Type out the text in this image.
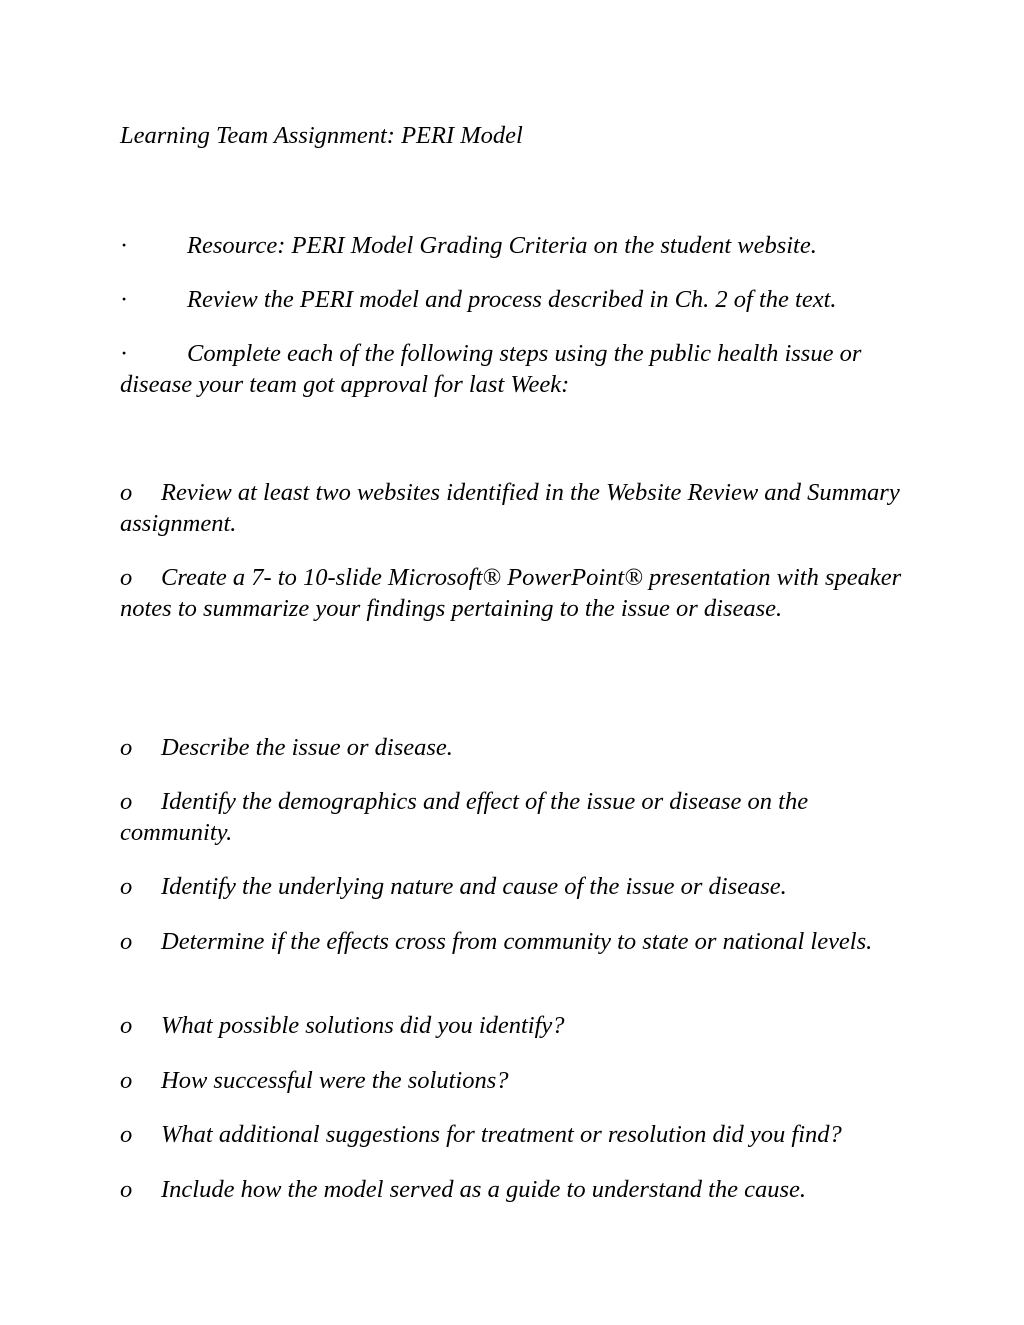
Learning Team Assignment: PERI Model

· Resource: PERI Model Grading Criteria on the student website.

· Review the PERI model and process described in Ch. 2 of the text.

· Complete each of the following steps using the public health issue or disease your team got approval for last Week:

o Review at least two websites identified in the Website Review and Summary assignment.

o Create a 7- to 10-slide Microsoft® PowerPoint® presentation with speaker notes to summarize your findings pertaining to the issue or disease.

o Describe the issue or disease.

o Identify the demographics and effect of the issue or disease on the community.

o Identify the underlying nature and cause of the issue or disease.

o Determine if the effects cross from community to state or national levels.

o What possible solutions did you identify?

o How successful were the solutions?

o What additional suggestions for treatment or resolution did you find?

o Include how the model served as a guide to understand the cause.
